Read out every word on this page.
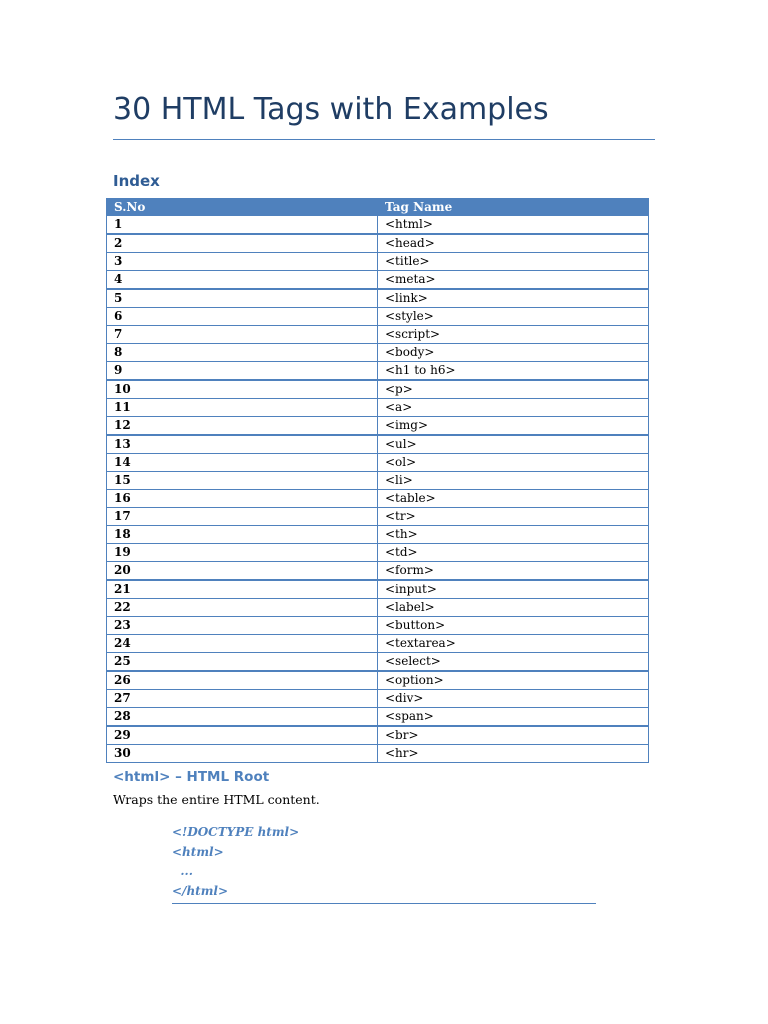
30 HTML Tags with Examples
Index
S.No	Tag Name
1	<html>
2	<head>
3	<title>
4	<meta>
5	<link>
6	<style>
7	<script>
8	<body>
9	<h1 to h6>
10	<p>
11	<a>
12	<img>
13	<ul>
14	<ol>
15	<li>
16	<table>
17	<tr>
18	<th>
19	<td>
20	<form>
21	<input>
22	<label>
23	<button>
24	<textarea>
25	<select>
26	<option>
27	<div>
28	<span>
29	<br>
30	<hr>
<html> – HTML Root
Wraps the entire HTML content.
<!DOCTYPE html>
<html>
...
</html>
